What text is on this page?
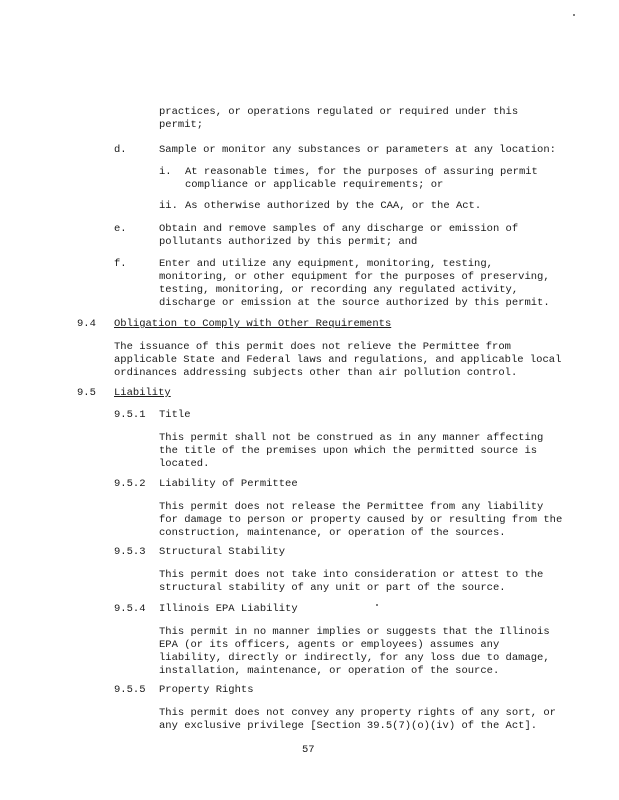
practices, or operations regulated or required under this
permit;
d.	Sample or monitor any substances or parameters at any location:
i. At reasonable times, for the purposes of assuring permit
compliance or applicable requirements; or
ii. As otherwise authorized by the CAA, or the Act.
e.	Obtain and remove samples of any discharge or emission of
pollutants authorized by this permit; and
f.	Enter and utilize any equipment, monitoring, testing,
monitoring, or other equipment for the purposes of preserving,
testing, monitoring, or recording any regulated activity,
discharge or emission at the source authorized by this permit.
9.4 Obligation to Comply with Other Requirements
The issuance of this permit does not relieve the Permittee from
applicable State and Federal laws and regulations, and applicable local
ordinances addressing subjects other than air pollution control.
9.5 Liability
9.5.1 Title
This permit shall not be construed as in any manner affecting
the title of the premises upon which the permitted source is
located.
9.5.2 Liability of Permittee
This permit does not release the Permittee from any liability
for damage to person or property caused by or resulting from the
construction, maintenance, or operation of the sources.
9.5.3 Structural Stability
This permit does not take into consideration or attest to the
structural stability of any unit or part of the source.
9.5.4 Illinois EPA Liability
This permit in no manner implies or suggests that the Illinois
EPA (or its officers, agents or employees) assumes any
liability, directly or indirectly, for any loss due to damage,
installation, maintenance, or operation of the source.
9.5.5 Property Rights
This permit does not convey any property rights of any sort, or
any exclusive privilege [Section 39.5(7)(o)(iv) of the Act].
57
